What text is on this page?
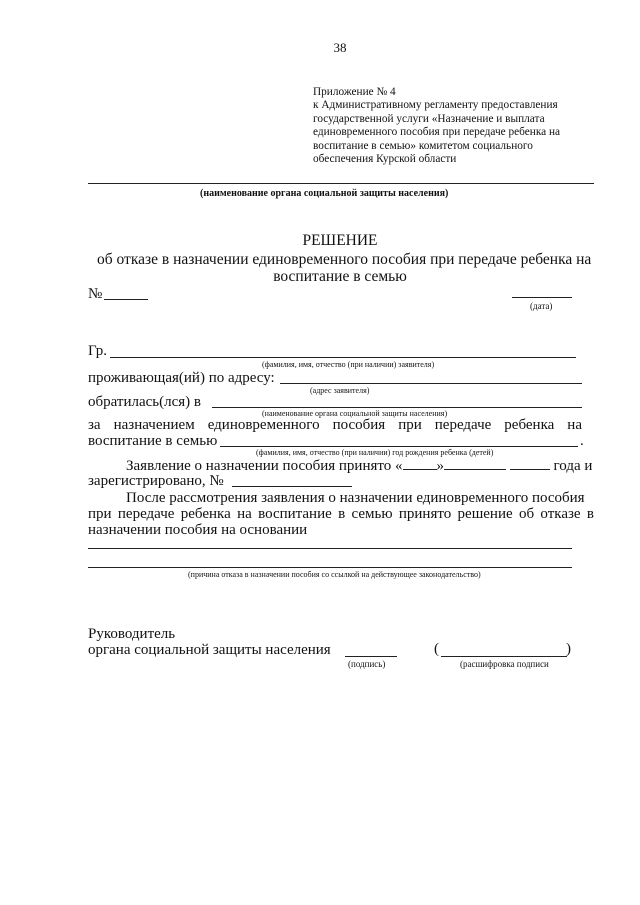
38
Приложение № 4
к Административному регламенту предоставления
государственной услуги «Назначение и выплата
единовременного пособия при передаче ребенка на
воспитание в семью» комитетом социального
обеспечения Курской области
(наименование органа социальной защиты населения)
РЕШЕНИЕ
об отказе в назначении единовременного пособия при передаче ребенка на
воспитание в семью
№
(дата)
Гр.
(фамилия, имя, отчество (при наличии) заявителя)
проживающая(ий) по адресу:
(адрес заявителя)
обратилась(лся) в
(наименование органа социальной защиты населения)
за назначением единовременного пособия при передаче ребенка на
воспитание в семью	.
(фамилия, имя, отчество (при наличии) год рождения ребенка (детей)
Заявление о назначении пособия принято « »	года и
зарегистрировано, №
После рассмотрения заявления о назначении единовременного пособия
при передаче ребенка на воспитание в семью принято решение об отказе в
назначении пособия на основании
(причина отказа в назначении пособия со ссылкой на действующее законодательство)
Руководитель
органа социальной защиты населения
(подпись)
(	)
(расшифровка подписи
